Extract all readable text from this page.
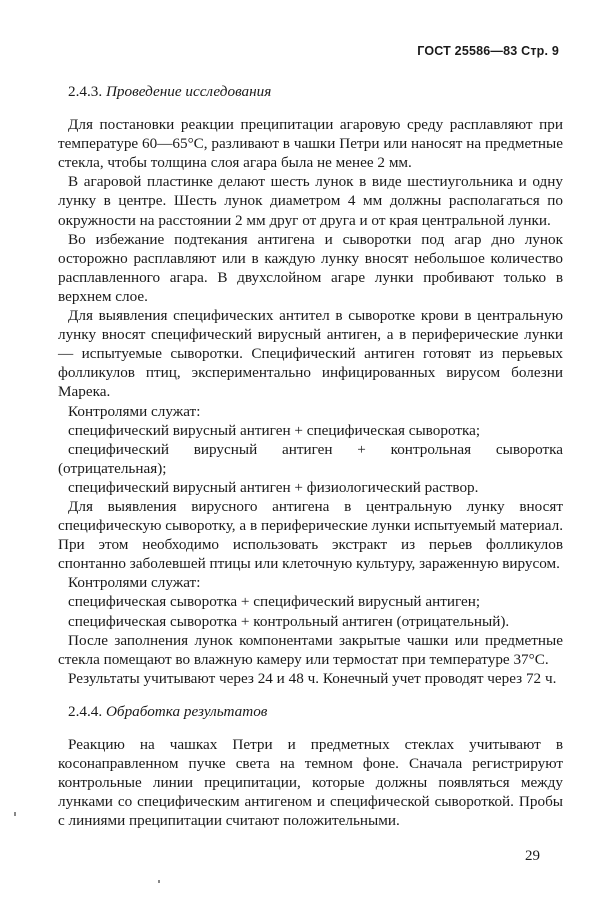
ГОСТ 25586—83 Стр. 9
2.4.3. Проведение исследования
Для постановки реакции преципитации агаровую среду расплавляют при температуре 60—65°С, разливают в чашки Петри или наносят на предметные стекла, чтобы толщина слоя агара была не менее 2 мм.
В агаровой пластинке делают шесть лунок в виде шестиугольника и одну лунку в центре. Шесть лунок диаметром 4 мм должны располагаться по окружности на расстоянии 2 мм друг от друга и от края центральной лунки.
Во избежание подтекания антигена и сыворотки под агар дно лунок осторожно расплавляют или в каждую лунку вносят небольшое количество расплавленного агара. В двухслойном агаре лунки пробивают только в верхнем слое.
Для выявления специфических антител в сыворотке крови в центральную лунку вносят специфический вирусный антиген, а в периферические лунки — испытуемые сыворотки. Специфический антиген готовят из перьевых фолликулов птиц, экспериментально инфицированных вирусом болезни Марека.
Контролями служат:
специфический вирусный антиген + специфическая сыворотка;
специфический вирусный антиген + контрольная сыворотка (отрицательная);
специфический вирусный антиген + физиологический раствор.
Для выявления вирусного антигена в центральную лунку вносят специфическую сыворотку, а в периферические лунки испытуемый материал. При этом необходимо использовать экстракт из перьев фолликулов спонтанно заболевшей птицы или клеточную культуру, зараженную вирусом.
Контролями служат:
специфическая сыворотка + специфический вирусный антиген;
специфическая сыворотка + контрольный антиген (отрицательный).
После заполнения лунок компонентами закрытые чашки или предметные стекла помещают во влажную камеру или термостат при температуре 37°С.
Результаты учитывают через 24 и 48 ч. Конечный учет проводят через 72 ч.
2.4.4. Обработка результатов
Реакцию на чашках Петри и предметных стеклах учитывают в косонаправленном пучке света на темном фоне. Сначала регистрируют контрольные линии преципитации, которые должны появляться между лунками со специфическим антигеном и специфической сывороткой. Пробы с линиями преципитации считают положительными.
29
